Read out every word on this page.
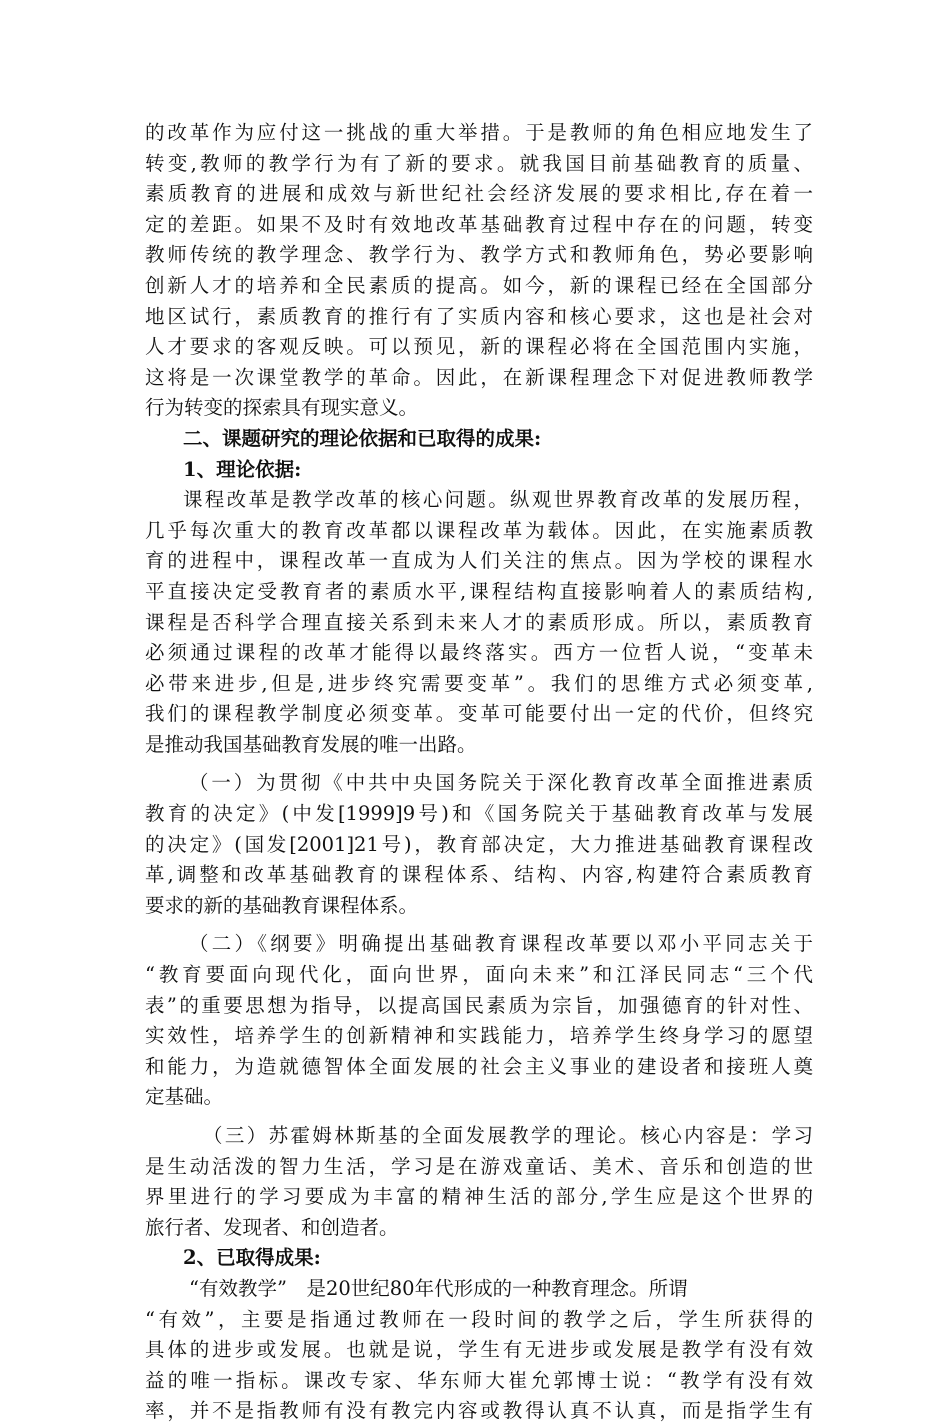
的改革作为应付这一挑战的重大举措。于是教师的角色相应地发生了
转变,教师的教学行为有了新的要求。就我国目前基础教育的质量、
素质教育的进展和成效与新世纪社会经济发展的要求相比,存在着一
定的差距。如果不及时有效地改革基础教育过程中存在的问题，转变
教师传统的教学理念、教学行为、教学方式和教师角色，势必要影响
创新人才的培养和全民素质的提高。如今，新的课程已经在全国部分
地区试行，素质教育的推行有了实质内容和核心要求，这也是社会对
人才要求的客观反映。可以预见，新的课程必将在全国范围内实施，
这将是一次课堂教学的革命。因此，在新课程理念下对促进教师教学
行为转变的探索具有现实意义。
二、课题研究的理论依据和已取得的成果:
1、理论依据:
课程改革是教学改革的核心问题。纵观世界教育改革的发展历程，
几乎每次重大的教育改革都以课程改革为载体。因此，在实施素质教
育的进程中，课程改革一直成为人们关注的焦点。因为学校的课程水
平直接决定受教育者的素质水平,课程结构直接影响着人的素质结构,
课程是否科学合理直接关系到未来人才的素质形成。所以，素质教育
必须通过课程的改革才能得以最终落实。西方一位哲人说，“变革未
必带来进步,但是,进步终究需要变革”。我们的思维方式必须变革,
我们的课程教学制度必须变革。变革可能要付出一定的代价，但终究
是推动我国基础教育发展的唯一出路。
（一）为贯彻《中共中央国务院关于深化教育改革全面推进素质
教育的决定》(中发[1999]9号)和《国务院关于基础教育改革与发展
的决定》(国发[2001]21号)，教育部决定，大力推进基础教育课程改
革,调整和改革基础教育的课程体系、结构、内容,构建符合素质教育
要求的新的基础教育课程体系。
（二）《纲要》明确提出基础教育课程改革要以邓小平同志关于
“教育要面向现代化，面向世界，面向未来”和江泽民同志“三个代
表”的重要思想为指导，以提高国民素质为宗旨，加强德育的针对性、
实效性，培养学生的创新精神和实践能力，培养学生终身学习的愿望
和能力，为造就德智体全面发展的社会主义事业的建设者和接班人奠
定基础。
（三）苏霍姆林斯基的全面发展教学的理论。核心内容是：学习
是生动活泼的智力生活，学习是在游戏童话、美术、音乐和创造的世
界里进行的学习要成为丰富的精神生活的部分,学生应是这个世界的
旅行者、发现者、和创造者。
2、已取得成果:
“有效教学”　是20世纪80年代形成的一种教育理念。所谓
“有效”，主要是指通过教师在一段时间的教学之后，学生所获得的
具体的进步或发展。也就是说，学生有无进步或发展是教学有没有效
益的唯一指标。课改专家、华东师大崔允郭博士说：“教学有没有效
率，并不是指教师有没有教完内容或教得认真不认真，而是指学生有
